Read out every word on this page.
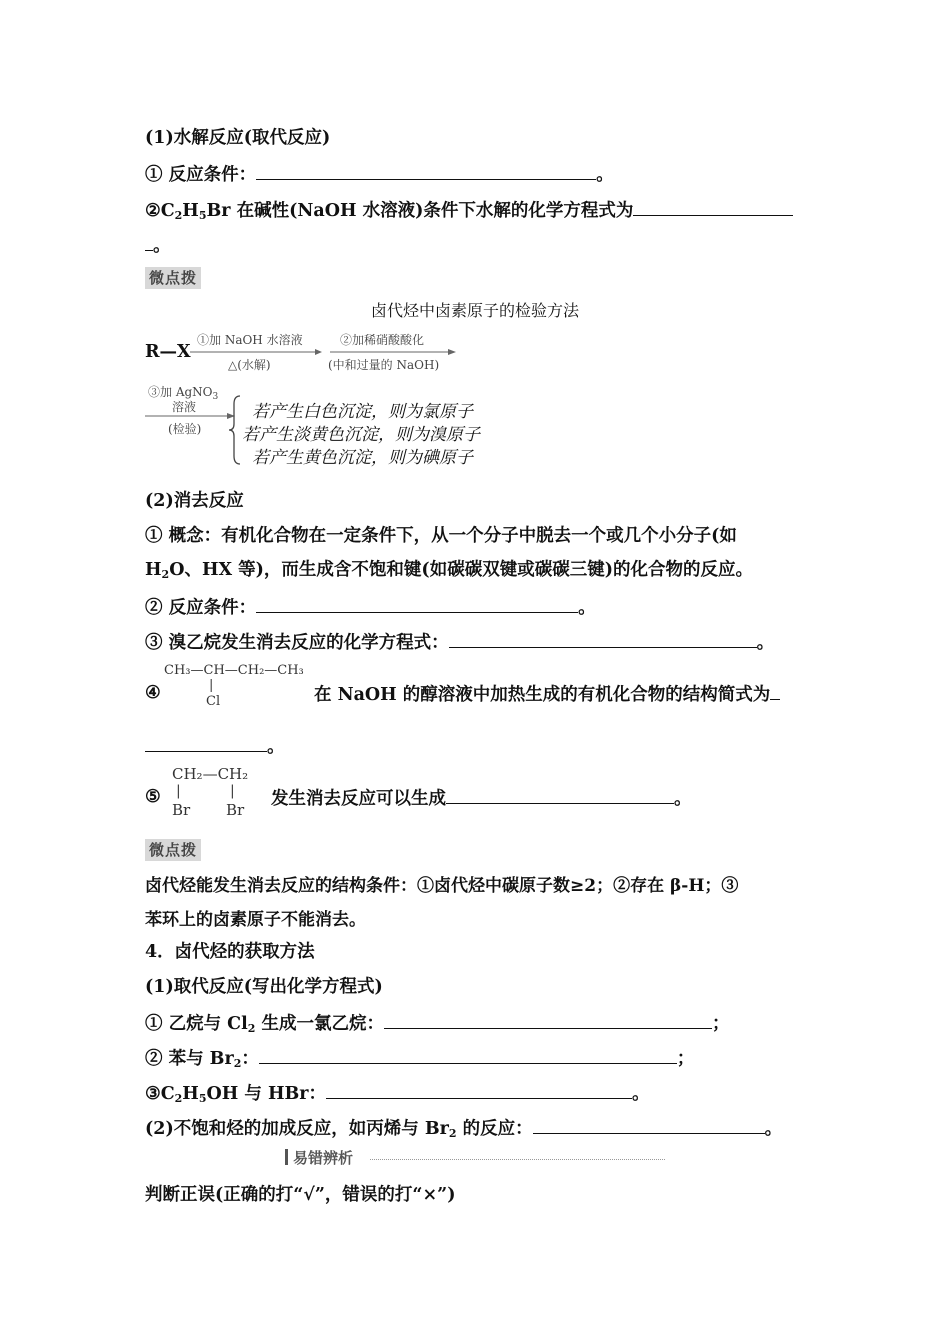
(1)水解反应(取代反应)
① 反应条件：	。
$②C_2H_5Br$ 在碱性(NaOH 水溶液)条件下水解的化学方程式为
。
微点拨
卤代烃中卤素原子的检验方法
R—X
①加 NaOH 水溶液
△(水解)
②加稀硝酸酸化
(中和过量的 NaOH)
③加 AgNO$_3$
溶液
(检验)
若产生白色沉淀，则为氯原子
若产生淡黄色沉淀，则为溴原子
若产生黄色沉淀，则为碘原子
(2)消去反应
① 概念：有机化合物在一定条件下，从一个分子中脱去一个或几个小分子(如
$H_2O$、HX 等)，而生成含不饱和键(如碳碳双键或碳碳三键)的化合物的反应。
② 反应条件：	。
③ 溴乙烷发生消去反应的化学方程式：	。
④
CH₃—CH—CH₂—CH₃
|
Cl	在 NaOH 的醇溶液中加热生成的有机化合物的结构简式为
。
⑤
CH₂—CH₂
|	|
Br Br
发生消去反应可以生成	。
微点拨
卤代烃能发生消去反应的结构条件：①卤代烃中碳原子数≥2；②存在 β-H；③
苯环上的卤素原子不能消去。
4．卤代烃的获取方法
(1)取代反应(写出化学方程式)
① 乙烷与 $Cl_2$ 生成一氯乙烷：	；
② 苯与 $Br_2$：	；
$③C_2H_5OH$ 与 HBr：	。
(2)不饱和烃的加成反应，如丙烯与 $Br_2$ 的反应：	。
易错辨析
判断正误(正确的打“√”，错误的打“×”)
